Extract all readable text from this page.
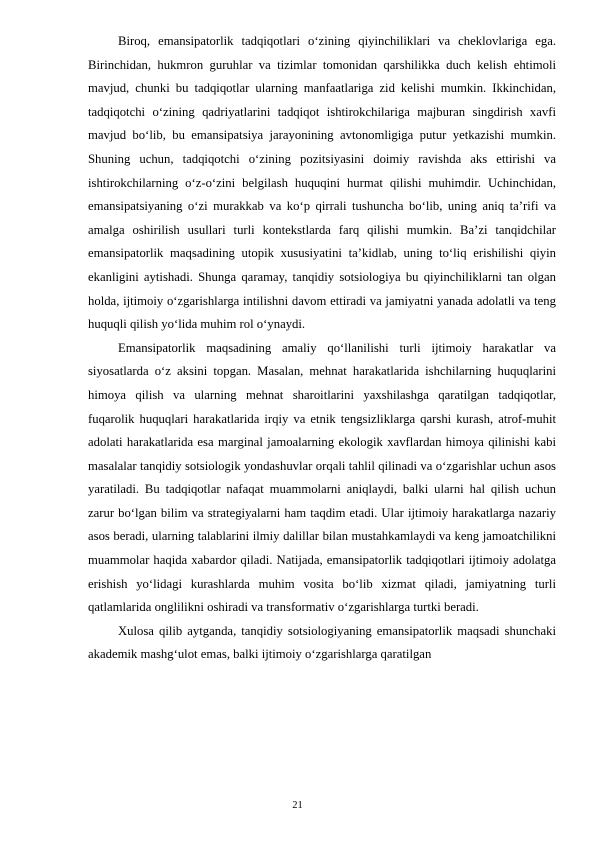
Biroq, emansipatorlik tadqiqotlari o‘zining qiyinchiliklari va cheklovlariga ega. Birinchidan, hukmron guruhlar va tizimlar tomonidan qarshilikka duch kelish ehtimoli mavjud, chunki bu tadqiqotlar ularning manfaatlariga zid kelishi mumkin. Ikkinchidan, tadqiqotchi o‘zining qadriyatlarini tadqiqot ishtirokchilariga majburan singdirish xavfi mavjud bo‘lib, bu emansipatsiya jarayonining avtonomligiga putur yetkazishi mumkin. Shuning uchun, tadqiqotchi o‘zining pozitsiyasini doimiy ravishda aks ettirishi va ishtirokchilarning o‘z-o‘zini belgilash huquqini hurmat qilishi muhimdir. Uchinchidan, emansipatsiyaning o‘zi murakkab va ko‘p qirrali tushuncha bo‘lib, uning aniq ta’rifi va amalga oshirilish usullari turli kontekstlarda farq qilishi mumkin. Ba’zi tanqidchilar emansipatorlik maqsadining utopik xususiyatini ta’kidlab, uning to‘liq erishilishi qiyin ekanligini aytishadi. Shunga qaramay, tanqidiy sotsiologiya bu qiyinchiliklarni tan olgan holda, ijtimoiy o‘zgarishlarga intilishni davom ettiradi va jamiyatni yanada adolatli va teng huquqli qilish yo‘lida muhim rol o‘ynaydi.

Emansipatorlik maqsadining amaliy qo‘llanilishi turli ijtimoiy harakatlar va siyosatlarda o‘z aksini topgan. Masalan, mehnat harakatlarida ishchilarning huquqlarini himoya qilish va ularning mehnat sharoitlarini yaxshilashga qaratilgan tadqiqotlar, fuqarolik huquqlari harakatlarida irqiy va etnik tengsizliklarga qarshi kurash, atrof-muhit adolati harakatlarida esa marginal jamoalarning ekologik xavflardan himoya qilinishi kabi masalalar tanqidiy sotsiologik yondashuvlar orqali tahlil qilinadi va o‘zgarishlar uchun asos yaratiladi. Bu tadqiqotlar nafaqat muammolarni aniqlaydi, balki ularni hal qilish uchun zarur bo‘lgan bilim va strategiyalarni ham taqdim etadi. Ular ijtimoiy harakatlarga nazariy asos beradi, ularning talablarini ilmiy dalillar bilan mustahkamlaydi va keng jamoatchilikni muammolar haqida xabardor qiladi. Natijada, emansipatorlik tadqiqotlari ijtimoiy adolatga erishish yo‘lidagi kurashlarda muhim vosita bo‘lib xizmat qiladi, jamiyatning turli qatlamlarida onglilikni oshiradi va transformativ o‘zgarishlarga turtki beradi.

Xulosa qilib aytganda, tanqidiy sotsiologiyaning emansipatorlik maqsadi shunchaki akademik mashg‘ulot emas, balki ijtimoiy o‘zgarishlarga qaratilgan

21
